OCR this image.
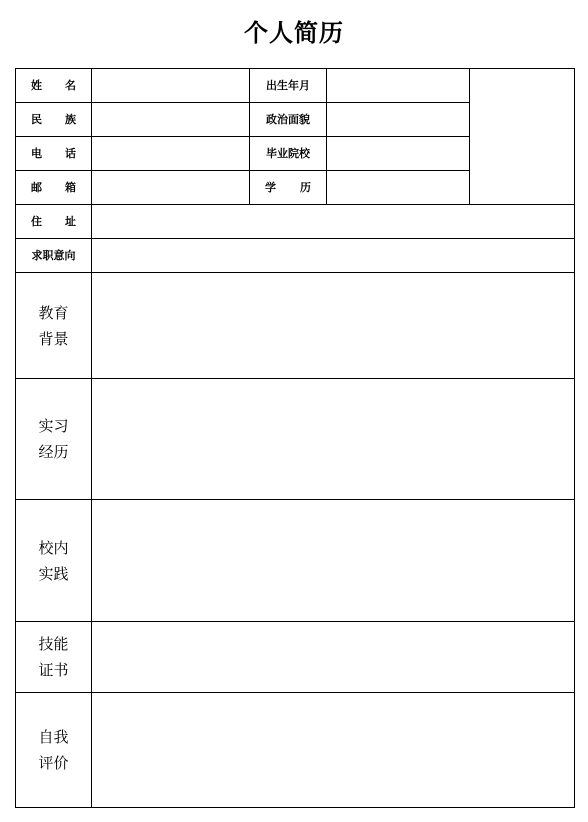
个人简历
姓 名		出生年月		

民 族		政治面貌		

电 话		毕业院校		

邮 箱		学 历		

住 址				

求职意向				

教育
背景				

实习
经历				

校内
实践				

技能
证书				

自我
评价				
